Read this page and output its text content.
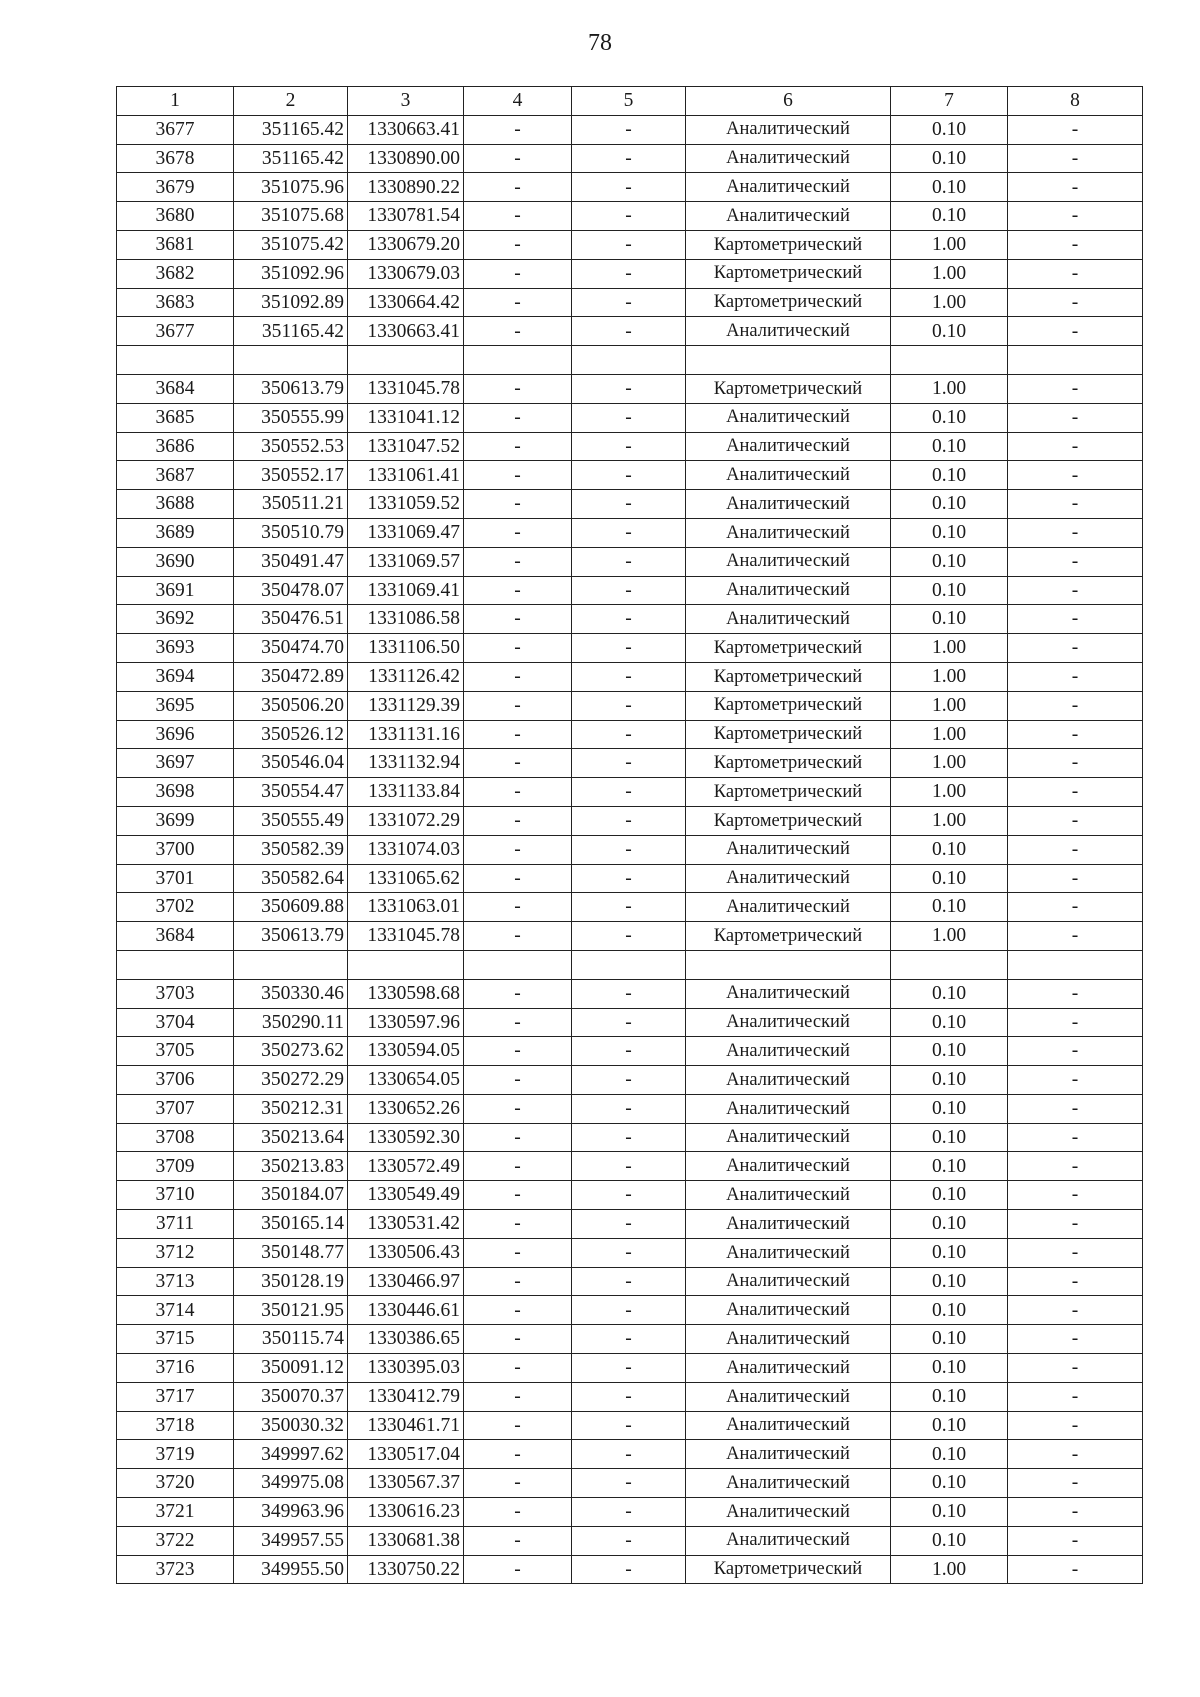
78
1	2	3	4	5	6	7	8
3677	351165.42	1330663.41	-	-	Аналитический	0.10	-
3678	351165.42	1330890.00	-	-	Аналитический	0.10	-
3679	351075.96	1330890.22	-	-	Аналитический	0.10	-
3680	351075.68	1330781.54	-	-	Аналитический	0.10	-
3681	351075.42	1330679.20	-	-	Картометрический	1.00	-
3682	351092.96	1330679.03	-	-	Картометрический	1.00	-
3683	351092.89	1330664.42	-	-	Картометрический	1.00	-
3677	351165.42	1330663.41	-	-	Аналитический	0.10	-

3684	350613.79	1331045.78	-	-	Картометрический	1.00	-
3685	350555.99	1331041.12	-	-	Аналитический	0.10	-
3686	350552.53	1331047.52	-	-	Аналитический	0.10	-
3687	350552.17	1331061.41	-	-	Аналитический	0.10	-
3688	350511.21	1331059.52	-	-	Аналитический	0.10	-
3689	350510.79	1331069.47	-	-	Аналитический	0.10	-
3690	350491.47	1331069.57	-	-	Аналитический	0.10	-
3691	350478.07	1331069.41	-	-	Аналитический	0.10	-
3692	350476.51	1331086.58	-	-	Аналитический	0.10	-
3693	350474.70	1331106.50	-	-	Картометрический	1.00	-
3694	350472.89	1331126.42	-	-	Картометрический	1.00	-
3695	350506.20	1331129.39	-	-	Картометрический	1.00	-
3696	350526.12	1331131.16	-	-	Картометрический	1.00	-
3697	350546.04	1331132.94	-	-	Картометрический	1.00	-
3698	350554.47	1331133.84	-	-	Картометрический	1.00	-
3699	350555.49	1331072.29	-	-	Картометрический	1.00	-
3700	350582.39	1331074.03	-	-	Аналитический	0.10	-
3701	350582.64	1331065.62	-	-	Аналитический	0.10	-
3702	350609.88	1331063.01	-	-	Аналитический	0.10	-
3684	350613.79	1331045.78	-	-	Картометрический	1.00	-

3703	350330.46	1330598.68	-	-	Аналитический	0.10	-
3704	350290.11	1330597.96	-	-	Аналитический	0.10	-
3705	350273.62	1330594.05	-	-	Аналитический	0.10	-
3706	350272.29	1330654.05	-	-	Аналитический	0.10	-
3707	350212.31	1330652.26	-	-	Аналитический	0.10	-
3708	350213.64	1330592.30	-	-	Аналитический	0.10	-
3709	350213.83	1330572.49	-	-	Аналитический	0.10	-
3710	350184.07	1330549.49	-	-	Аналитический	0.10	-
3711	350165.14	1330531.42	-	-	Аналитический	0.10	-
3712	350148.77	1330506.43	-	-	Аналитический	0.10	-
3713	350128.19	1330466.97	-	-	Аналитический	0.10	-
3714	350121.95	1330446.61	-	-	Аналитический	0.10	-
3715	350115.74	1330386.65	-	-	Аналитический	0.10	-
3716	350091.12	1330395.03	-	-	Аналитический	0.10	-
3717	350070.37	1330412.79	-	-	Аналитический	0.10	-
3718	350030.32	1330461.71	-	-	Аналитический	0.10	-
3719	349997.62	1330517.04	-	-	Аналитический	0.10	-
3720	349975.08	1330567.37	-	-	Аналитический	0.10	-
3721	349963.96	1330616.23	-	-	Аналитический	0.10	-
3722	349957.55	1330681.38	-	-	Аналитический	0.10	-
3723	349955.50	1330750.22	-	-	Картометрический	1.00	-
